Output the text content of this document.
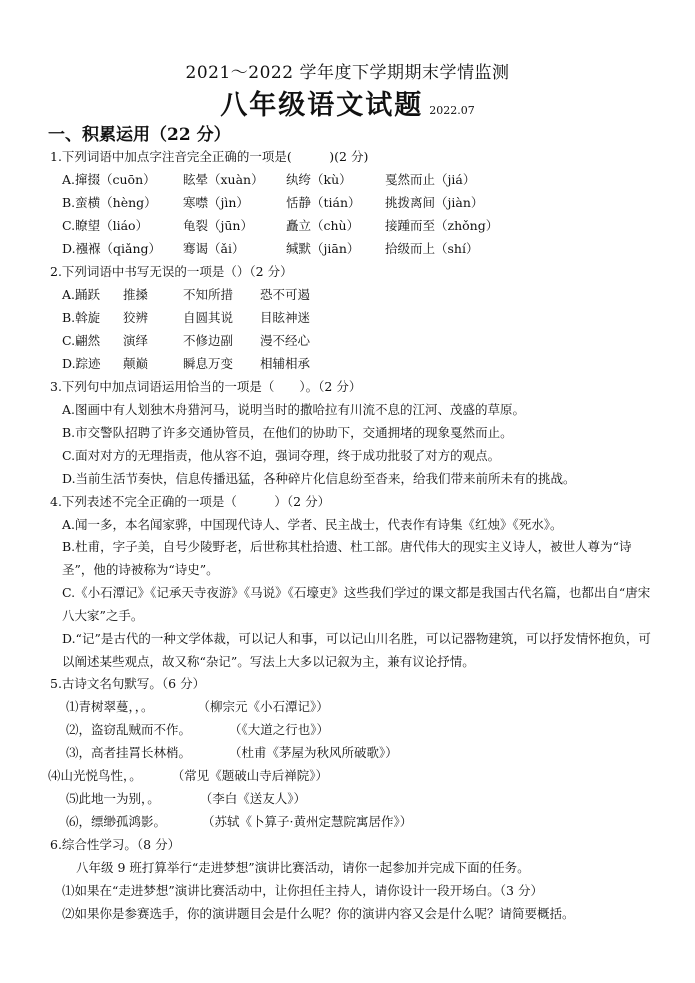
2021～2022 学年度下学期期末学情监测
八年级语文试题 2022.07
一、积累运用（22 分）
1.下列词语中加点字注音完全正确的一项是(　　　)(2 分)
A.撺掇（cuōn） 眩晕（xuàn） 纨绔（kù）	戛然而止（jiá）
B.蛮横（hèng） 寒噤（jìn）	恬静（tián） 挑拨离间（jiàn）
C.瞭望（liáo）	龟裂（jūn）	矗立（chù） 接踵而至（zhǒng）
D.襁褓（qiǎng） 骞谒（ǎi）	缄默（jiān） 拾级而上（shí）
2.下列词语中书写无误的一项是（）（2 分）
A.踊跃 推搡	不知所措 恐不可遏
B.斡旋 狡辨	自圆其说 目眩神迷
C.翩然 演绎	不修边副 漫不经心
D.踪迹 颠巅	瞬息万变 相辅相承
3.下列句中加点词语运用恰当的一项是（　　）。（2 分）
A.图画中有人划独木舟猎河马，说明当时的撒哈拉有川流不息的江河、茂盛的草原。
B.市交警队招聘了许多交通协管员，在他们的协助下，交通拥堵的现象戛然而止。
C.面对对方的无理指责，他从容不迫，强词夺理，终于成功批驳了对方的观点。
D.当前生活节奏快，信息传播迅猛，各种碎片化信息纷至沓来，给我们带来前所未有的挑战。
4.下列表述不完全正确的一项是（　　　）（2 分）
A.闻一多，本名闻家骅，中国现代诗人、学者、民主战士，代表作有诗集《红烛》《死水》。
B.杜甫，字子美，自号少陵野老，后世称其杜拾遗、杜工部。唐代伟大的现实主义诗人，被世人尊为“诗圣”，他的诗被称为“诗史”。
C.《小石潭记》《记承天寺夜游》《马说》《石壕吏》这些我们学过的课文都是我国古代名篇，也都出自“唐宋八大家”之手。
D.“记”是古代的一种文学体裁，可以记人和事，可以记山川名胜，可以记器物建筑，可以抒发情怀抱负，可以阐述某些观点，故又称“杂记”。写法上大多以记叙为主，兼有议论抒情。
5.古诗文名句默写。（6 分）
⑴青树翠蔓，，。	（柳宗元《小石潭记》）
⑵，盗窃乱贼而不作。	（《大道之行也》）
⑶，高者挂罥长林梢。	（杜甫《茅屋为秋风所破歌》）
⑷山光悦鸟性，。 （常见《题破山寺后禅院》）
⑸此地一为别，。	（李白《送友人》）
⑹，缥缈孤鸿影。	（苏轼《卜算子·黄州定慧院寓居作》）
6.综合性学习。（8 分）
八年级 9 班打算举行“走进梦想”演讲比赛活动，请你一起参加并完成下面的任务。
⑴如果在“走进梦想”演讲比赛活动中，让你担任主持人，请你设计一段开场白。（3 分）
⑵如果你是参赛选手，你的演讲题目会是什么呢？你的演讲内容又会是什么呢？请简要概括。
